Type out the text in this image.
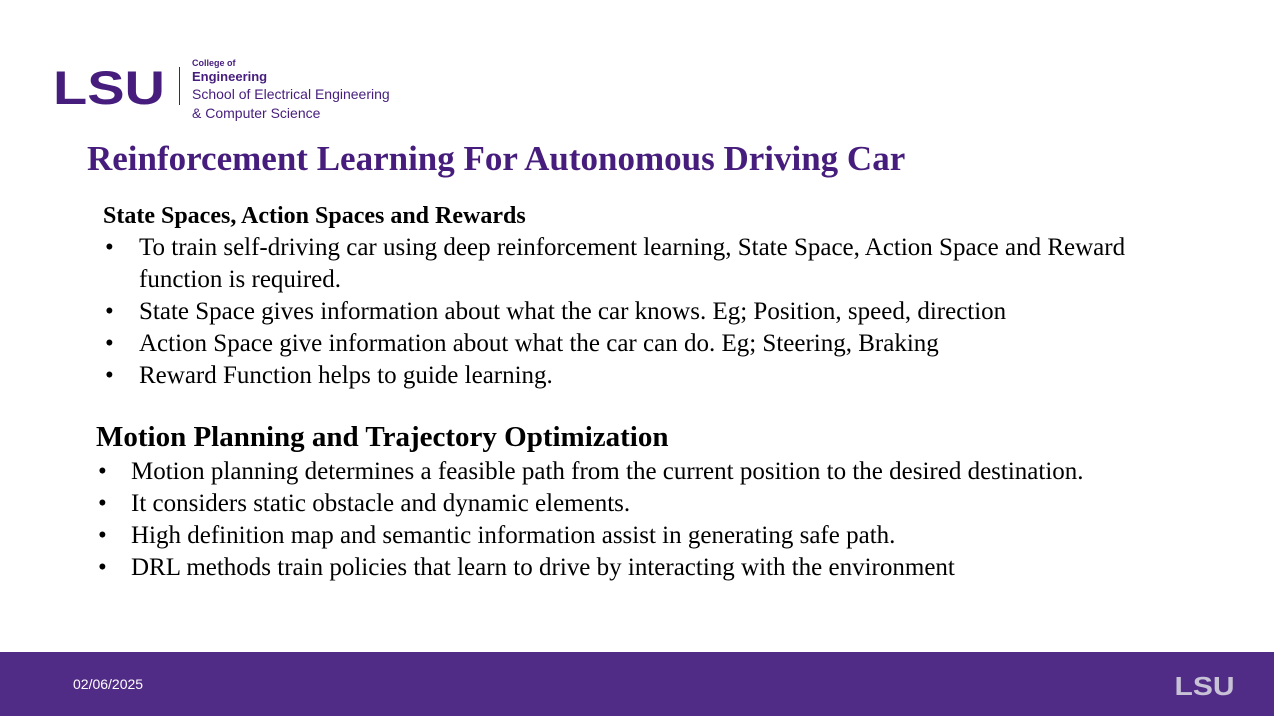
LSU	College of
Engineering
School of Electrical Engineering
& Computer Science
Reinforcement Learning For Autonomous Driving Car
State Spaces, Action Spaces and Rewards
• To train self-driving car using deep reinforcement learning, State Space, Action Space and Reward function is required.
• State Space gives information about what the car knows. Eg; Position, speed, direction
• Action Space give information about what the car can do. Eg; Steering, Braking
• Reward Function helps to guide learning.
Motion Planning and Trajectory Optimization
• Motion planning determines a feasible path from the current position to the desired destination.
• It considers static obstacle and dynamic elements.
• High definition map and semantic information assist in generating safe path.
• DRL methods train policies that learn to drive by interacting with the environment
02/06/2025	LSU
